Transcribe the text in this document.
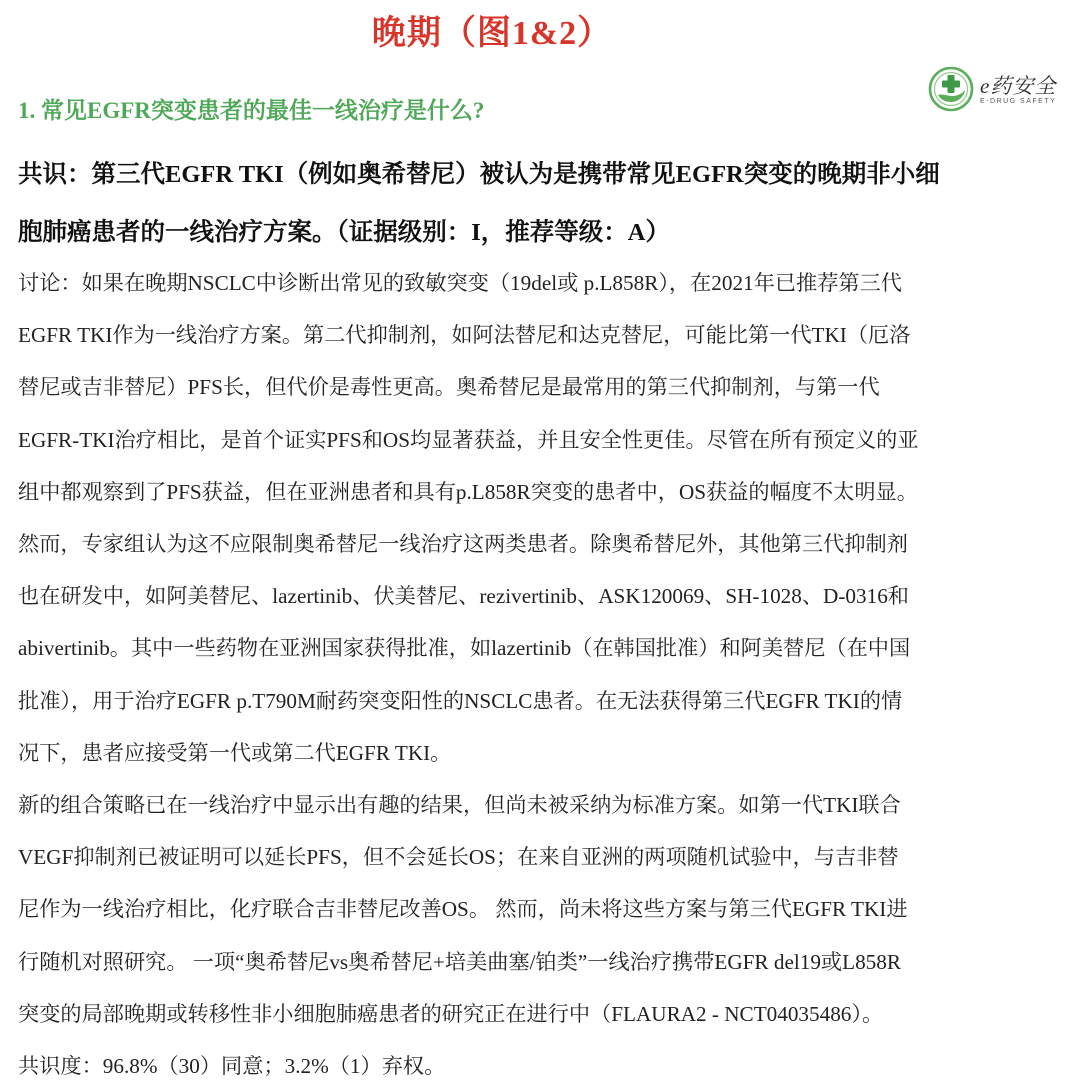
晚期（图1&2）
e药安全
E-DRUG SAFETY
1. 常见EGFR突变患者的最佳一线治疗是什么?
共识：第三代EGFR TKI（例如奥希替尼）被认为是携带常见EGFR突变的晚期非小细
胞肺癌患者的一线治疗方案。（证据级别：I，推荐等级：A）
讨论：如果在晚期NSCLC中诊断出常见的致敏突变（19del或 p.L858R），在2021年已推荐第三代
EGFR TKI作为一线治疗方案。第二代抑制剂，如阿法替尼和达克替尼，可能比第一代TKI（厄洛
替尼或吉非替尼）PFS长，但代价是毒性更高。奥希替尼是最常用的第三代抑制剂，与第一代
EGFR-TKI治疗相比，是首个证实PFS和OS均显著获益，并且安全性更佳。尽管在所有预定义的亚
组中都观察到了PFS获益，但在亚洲患者和具有p.L858R突变的患者中，OS获益的幅度不太明显。
然而，专家组认为这不应限制奥希替尼一线治疗这两类患者。除奥希替尼外，其他第三代抑制剂
也在研发中，如阿美替尼、lazertinib、伏美替尼、rezivertinib、ASK120069、SH-1028、D-0316和
abivertinib。其中一些药物在亚洲国家获得批准，如lazertinib（在韩国批准）和阿美替尼（在中国
批准），用于治疗EGFR p.T790M耐药突变阳性的NSCLC患者。在无法获得第三代EGFR TKI的情
况下，患者应接受第一代或第二代EGFR TKI。
新的组合策略已在一线治疗中显示出有趣的结果，但尚未被采纳为标准方案。如第一代TKI联合
VEGF抑制剂已被证明可以延长PFS，但不会延长OS；在来自亚洲的两项随机试验中，与吉非替
尼作为一线治疗相比，化疗联合吉非替尼改善OS。 然而，尚未将这些方案与第三代EGFR TKI进
行随机对照研究。 一项“奥希替尼vs奥希替尼+培美曲塞/铂类”一线治疗携带EGFR del19或L858R
突变的局部晚期或转移性非小细胞肺癌患者的研究正在进行中（FLAURA2 - NCT04035486）。
共识度：96.8%（30）同意；3.2%（1）弃权。
